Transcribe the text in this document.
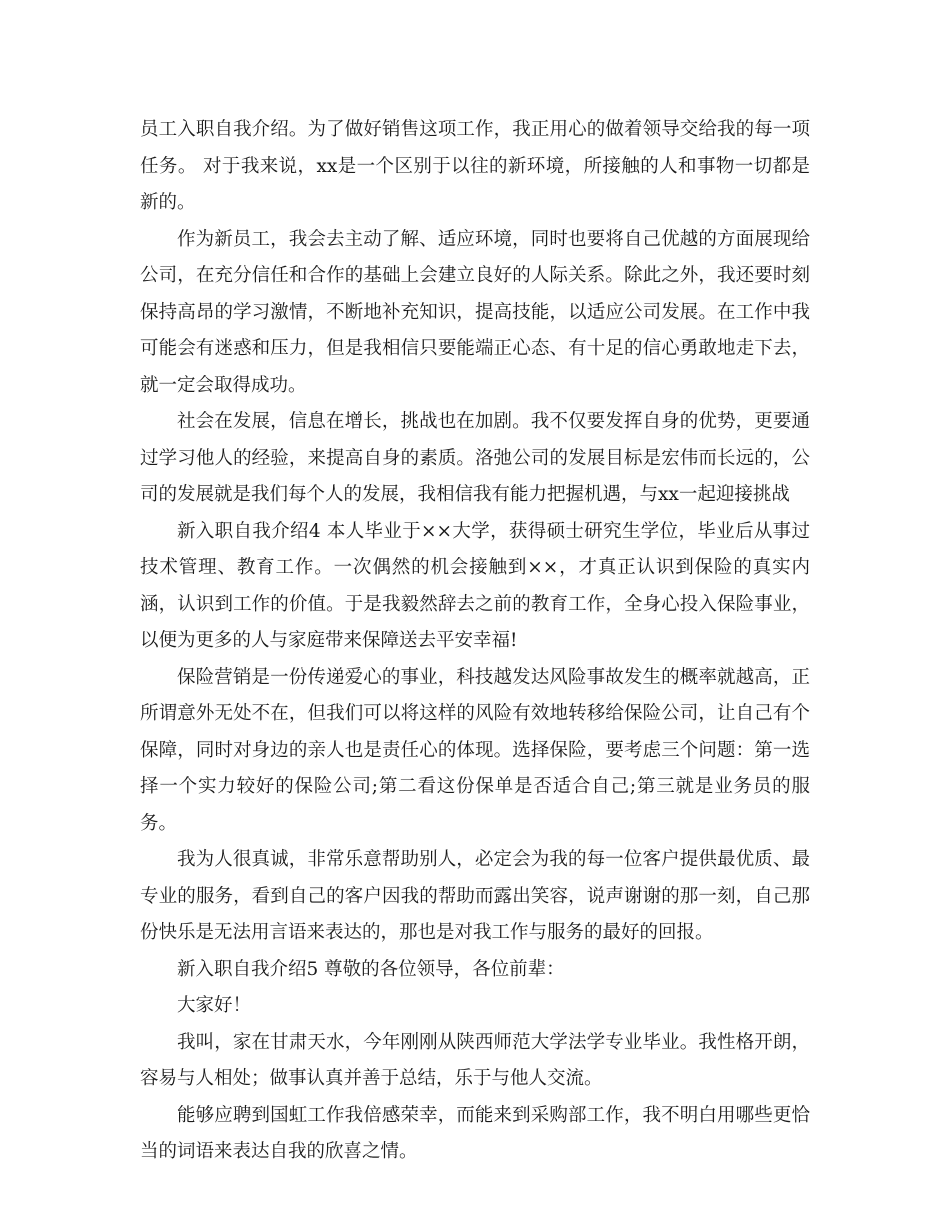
员工入职自我介绍。为了做好销售这项工作，我正用心的做着领导交给我的每一项任务。 对于我来说，xx是一个区别于以往的新环境，所接触的人和事物一切都是新的。

作为新员工，我会去主动了解、适应环境，同时也要将自己优越的方面展现给公司，在充分信任和合作的基础上会建立良好的人际关系。除此之外，我还要时刻保持高昂的学习激情，不断地补充知识，提高技能，以适应公司发展。在工作中我可能会有迷惑和压力，但是我相信只要能端正心态、有十足的信心勇敢地走下去，就一定会取得成功。

社会在发展，信息在增长，挑战也在加剧。我不仅要发挥自身的优势，更要通过学习他人的经验，来提高自身的素质。洛弛公司的发展目标是宏伟而长远的，公司的发展就是我们每个人的发展，我相信我有能力把握机遇，与xx一起迎接挑战

新入职自我介绍4 本人毕业于××大学，获得硕士研究生学位，毕业后从事过技术管理、教育工作。一次偶然的机会接触到××，才真正认识到保险的真实内涵，认识到工作的价值。于是我毅然辞去之前的教育工作，全身心投入保险事业，以便为更多的人与家庭带来保障送去平安幸福!

保险营销是一份传递爱心的事业，科技越发达风险事故发生的概率就越高，正所谓意外无处不在，但我们可以将这样的风险有效地转移给保险公司，让自己有个保障，同时对身边的亲人也是责任心的体现。选择保险，要考虑三个问题：第一选择一个实力较好的保险公司;第二看这份保单是否适合自己;第三就是业务员的服务。

我为人很真诚，非常乐意帮助别人，必定会为我的每一位客户提供最优质、最专业的服务，看到自己的客户因我的帮助而露出笑容，说声谢谢的那一刻，自己那份快乐是无法用言语来表达的，那也是对我工作与服务的最好的回报。

新入职自我介绍5 尊敬的各位领导，各位前辈：

大家好！

我叫，家在甘肃天水，今年刚刚从陕西师范大学法学专业毕业。我性格开朗，容易与人相处；做事认真并善于总结，乐于与他人交流。

能够应聘到国虹工作我倍感荣幸，而能来到采购部工作，我不明白用哪些更恰当的词语来表达自我的欣喜之情。
